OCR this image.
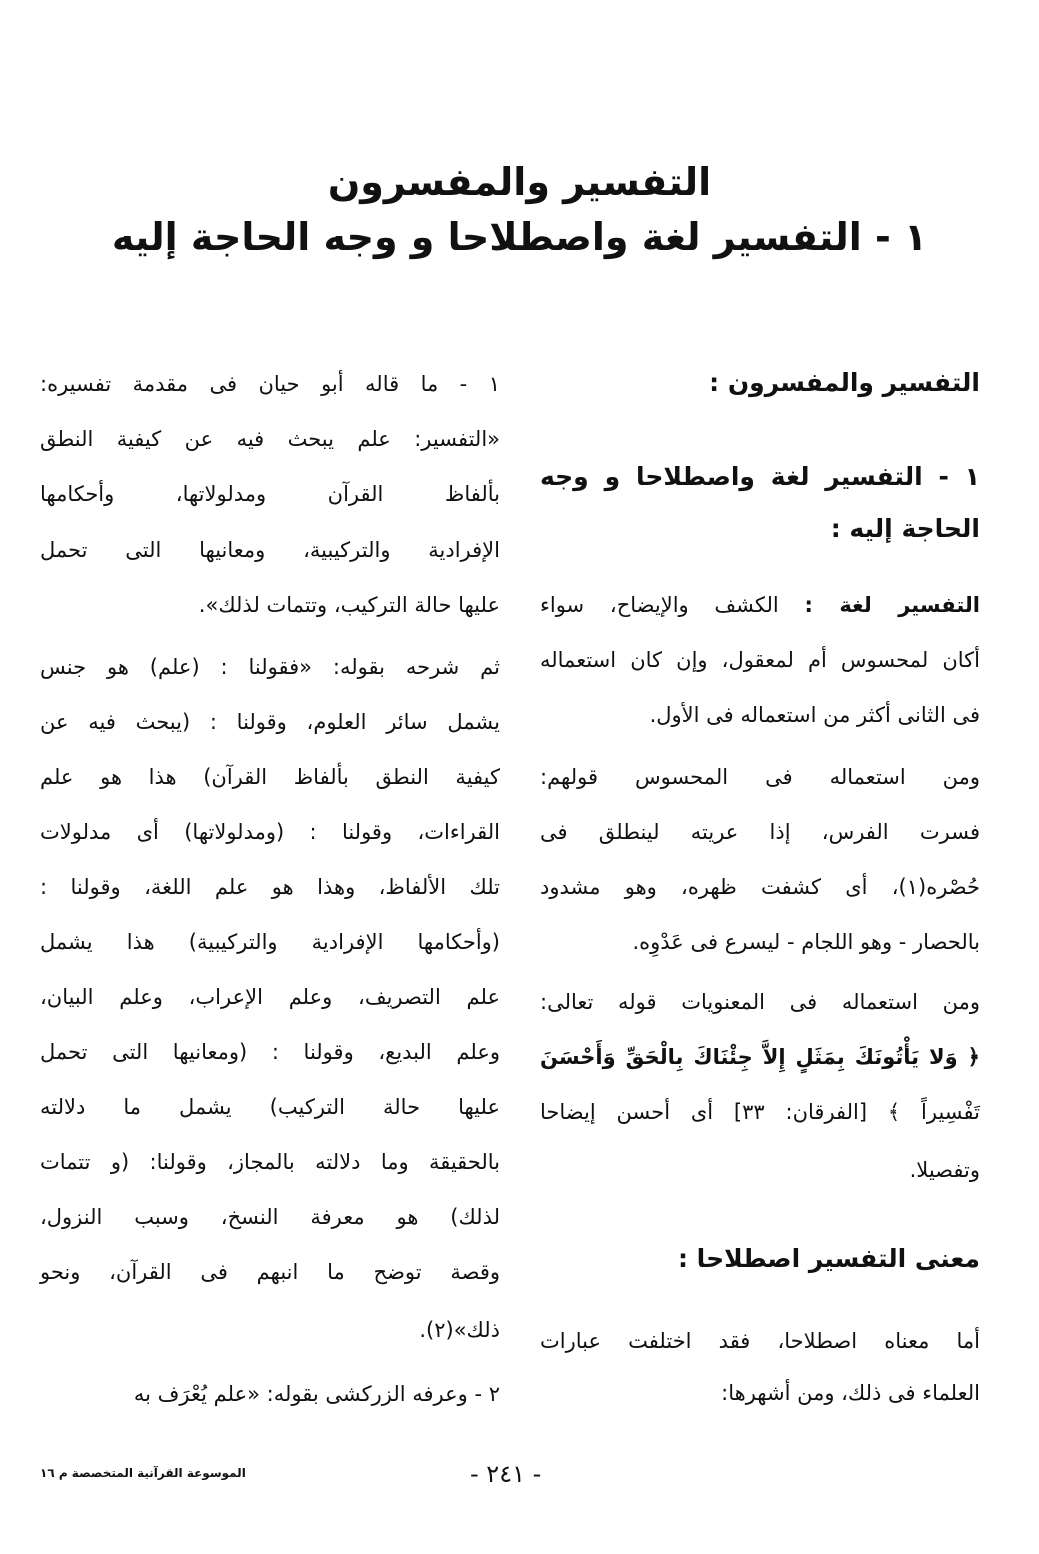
التفسير والمفسرون
١ - التفسير لغة واصطلاحا و وجه الحاجة إليه
التفسير والمفسرون :
١ - التفسير لغة واصطلاحا و وجه
الحاجة إليه :
التفسير لغة : الكشف والإيضاح، سواء
أكان لمحسوس أم لمعقول، وإن كان استعماله
فى الثانى أكثر من استعماله فى الأول.
ومن استعماله فى المحسوس قولهم:
فسرت الفرس، إذا عريته لينطلق فى
حُصْره(١)، أى كشفت ظهره، وهو مشدود
بالحصار - وهو اللجام - ليسرع فى عَدْوِه.
ومن استعماله فى المعنويات قوله تعالى:
﴿ وَلا يَأْتُونَكَ بِمَثَلٍ إِلاَّ جِئْنَاكَ بِالْحَقِّ وَأَحْسَنَ
تَفْسِيراً ﴾ [الفرقان: ٣٣] أى أحسن إيضاحا
وتفصيلا.
معنى التفسير اصطلاحا :
أما معناه اصطلاحا، فقد اختلفت عبارات
العلماء فى ذلك، ومن أشهرها:
١ - ما قاله أبو حيان فى مقدمة تفسيره:
«التفسير: علم يبحث فيه عن كيفية النطق
بألفاظ القرآن ومدلولاتها، وأحكامها
الإفرادية والتركيبية، ومعانيها التى تحمل
عليها حالة التركيب، وتتمات لذلك».
ثم شرحه بقوله: «فقولنا : (علم) هو جنس
يشمل سائر العلوم، وقولنا : (يبحث فيه عن
كيفية النطق بألفاظ القرآن) هذا هو علم
القراءات، وقولنا : (ومدلولاتها) أى مدلولات
تلك الألفاظ، وهذا هو علم اللغة، وقولنا :
(وأحكامها الإفرادية والتركيبية) هذا يشمل
علم التصريف، وعلم الإعراب، وعلم البيان،
وعلم البديع، وقولنا : (ومعانيها التى تحمل
عليها حالة التركيب) يشمل ما دلالته
بالحقيقة وما دلالته بالمجاز، وقولنا: (و تتمات
لذلك) هو معرفة النسخ، وسبب النزول،
وقصة توضح ما انبهم فى القرآن، ونحو
ذلك»(٢).
٢ - وعرفه الزركشى بقوله: «علم يُعْرَف به
- ٢٤١ -
الموسوعة القرآنية المتخصصة م ١٦
